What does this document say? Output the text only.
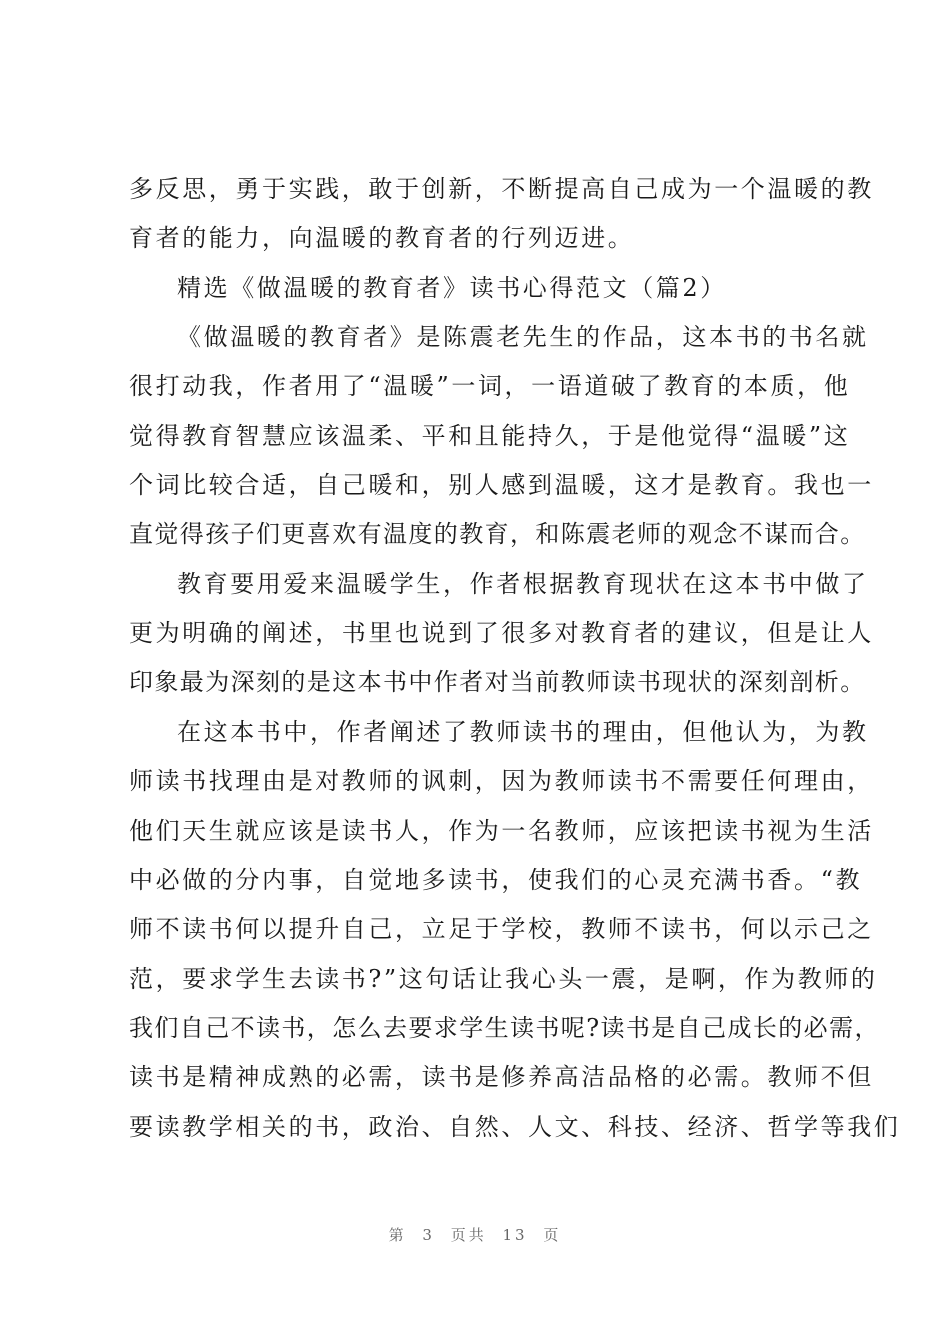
多反思，勇于实践，敢于创新，不断提高自己成为一个温暖的教
育者的能力，向温暖的教育者的行列迈进。
精选《做温暖的教育者》读书心得范文（篇2）
《做温暖的教育者》是陈震老先生的作品，这本书的书名就
很打动我，作者用了“温暖”一词，一语道破了教育的本质，他
觉得教育智慧应该温柔、平和且能持久，于是他觉得“温暖”这
个词比较合适，自己暖和，别人感到温暖，这才是教育。我也一
直觉得孩子们更喜欢有温度的教育，和陈震老师的观念不谋而合。
教育要用爱来温暖学生，作者根据教育现状在这本书中做了
更为明确的阐述，书里也说到了很多对教育者的建议，但是让人
印象最为深刻的是这本书中作者对当前教师读书现状的深刻剖析。
在这本书中，作者阐述了教师读书的理由，但他认为，为教
师读书找理由是对教师的讽刺，因为教师读书不需要任何理由，
他们天生就应该是读书人，作为一名教师，应该把读书视为生活
中必做的分内事，自觉地多读书，使我们的心灵充满书香。“教
师不读书何以提升自己，立足于学校，教师不读书，何以示己之
范，要求学生去读书?”这句话让我心头一震，是啊，作为教师的
我们自己不读书，怎么去要求学生读书呢?读书是自己成长的必需，
读书是精神成熟的必需，读书是修养高洁品格的必需。教师不但
要读教学相关的书，政治、自然、人文、科技、经济、哲学等我们
第 3 页共 13 页
